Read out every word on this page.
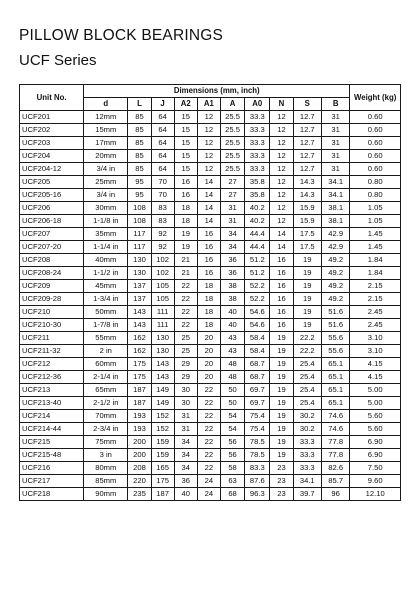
PILLOW BLOCK BEARINGS
UCF Series
Unit No.	Dimensions (mm, inch)										Weight (kg)
	d	L	J	A2	A1	A	A0	N	S	B	
UCF201	12mm	85	64	15	12	25.5	33.3	12	12.7	31	0.60
UCF202	15mm	85	64	15	12	25.5	33.3	12	12.7	31	0.60
UCF203	17mm	85	64	15	12	25.5	33.3	12	12.7	31	0.60
UCF204	20mm	85	64	15	12	25.5	33.3	12	12.7	31	0.60
UCF204-12	3/4 in	85	64	15	12	25.5	33.3	12	12.7	31	0.60
UCF205	25mm	95	70	16	14	27	35.8	12	14.3	34.1	0.80
UCF205-16	3/4 in	95	70	16	14	27	35.8	12	14.3	34.1	0.80
UCF206	30mm	108	83	18	14	31	40.2	12	15.9	38.1	1.05
UCF206-18	1-1/8 in	108	83	18	14	31	40.2	12	15.9	38.1	1.05
UCF207	35mm	117	92	19	16	34	44.4	14	17.5	42.9	1.45
UCF207-20	1-1/4 in	117	92	19	16	34	44.4	14	17.5	42.9	1.45
UCF208	40mm	130	102	21	16	36	51.2	16	19	49.2	1.84
UCF208-24	1-1/2 in	130	102	21	16	36	51.2	16	19	49.2	1.84
UCF209	45mm	137	105	22	18	38	52.2	16	19	49.2	2.15
UCF209-28	1-3/4 in	137	105	22	18	38	52.2	16	19	49.2	2.15
UCF210	50mm	143	111	22	18	40	54.6	16	19	51.6	2.45
UCF210-30	1-7/8 in	143	111	22	18	40	54.6	16	19	51.6	2.45
UCF211	55mm	162	130	25	20	43	58.4	19	22.2	55.6	3.10
UCF211-32	2 in	162	130	25	20	43	58.4	19	22.2	55.6	3.10
UCF212	60mm	175	143	29	20	48	68.7	19	25.4	65.1	4.15
UCF212-36	2-1/4 in	175	143	29	20	48	68.7	19	25.4	65.1	4.15
UCF213	65mm	187	149	30	22	50	69.7	19	25.4	65.1	5.00
UCF213-40	2-1/2 in	187	149	30	22	50	69.7	19	25.4	65.1	5.00
UCF214	70mm	193	152	31	22	54	75.4	19	30.2	74.6	5.60
UCF214-44	2-3/4 in	193	152	31	22	54	75.4	19	30.2	74.6	5.60
UCF215	75mm	200	159	34	22	56	78.5	19	33.3	77.8	6.90
UCF215-48	3 in	200	159	34	22	56	78.5	19	33.3	77.8	6.90
UCF216	80mm	208	165	34	22	58	83.3	23	33.3	82.6	7.50
UCF217	85mm	220	175	36	24	63	87.6	23	34.1	85.7	9.60
UCF218	90mm	235	187	40	24	68	96.3	23	39.7	96	12.10
